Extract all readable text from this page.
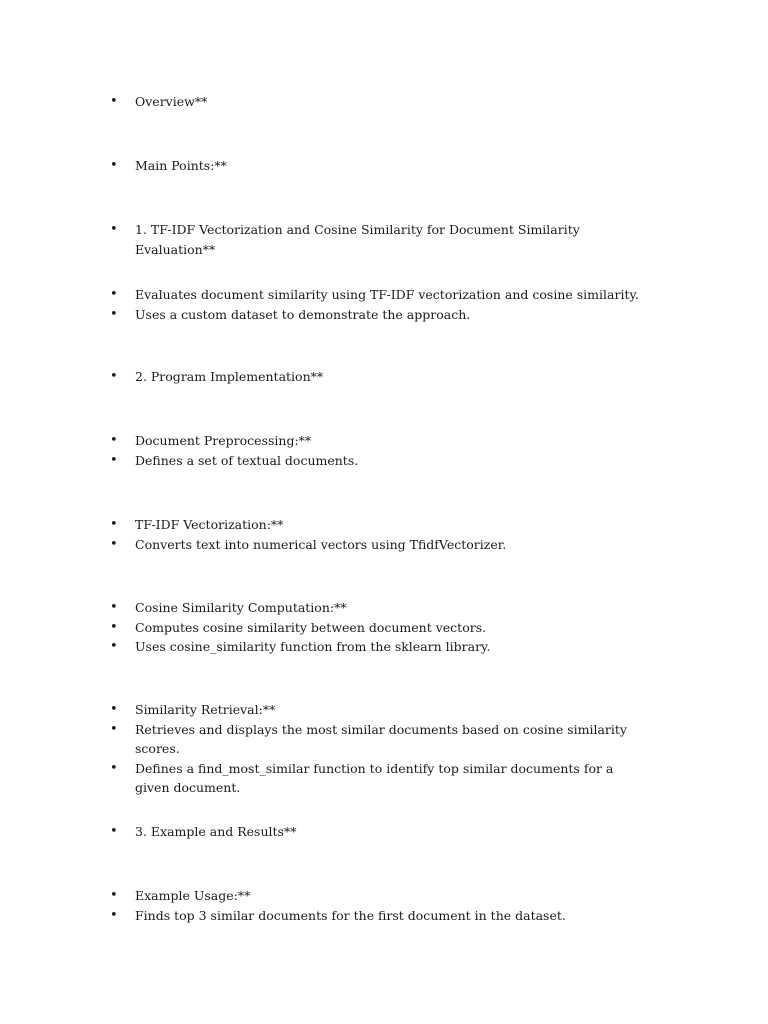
• Overview**
• Main Points:**
• 1. TF-IDF Vectorization and Cosine Similarity for Document Similarity Evaluation**
• Evaluates document similarity using TF-IDF vectorization and cosine similarity.
• Uses a custom dataset to demonstrate the approach.
• 2. Program Implementation**
• Document Preprocessing:**
• Defines a set of textual documents.
• TF-IDF Vectorization:**
• Converts text into numerical vectors using TfidfVectorizer.
• Cosine Similarity Computation:**
• Computes cosine similarity between document vectors.
• Uses cosine_similarity function from the sklearn library.
• Similarity Retrieval:**
• Retrieves and displays the most similar documents based on cosine similarity scores.
• Defines a find_most_similar function to identify top similar documents for a given document.
• 3. Example and Results**
• Example Usage:**
• Finds top 3 similar documents for the first document in the dataset.
